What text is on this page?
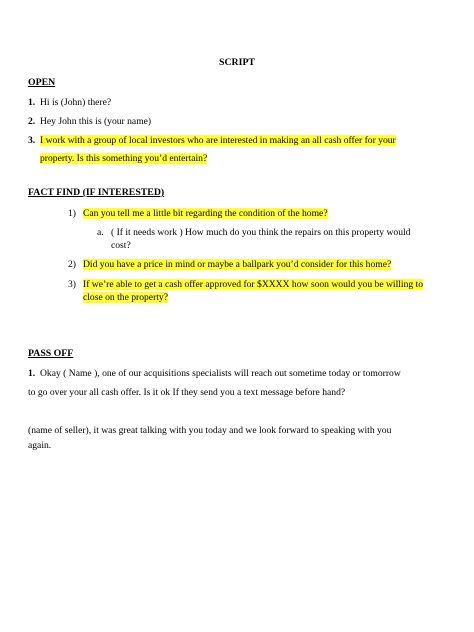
SCRIPT
OPEN
1. Hi is (John) there?
2. Hey John this is (your name)
3. I work with a group of local investors who are interested in making an all cash offer for your
property. Is this something you’d entertain?
FACT FIND (IF INTERESTED)
1) Can you tell me a little bit regarding the condition of the home?
a. ( If it needs work ) How much do you think the repairs on this property would
cost?
2) Did you have a price in mind or maybe a ballpark you’d consider for this home?
3) If we’re able to get a cash offer approved for $XXXX how soon would you be willing to
close on the property?
PASS OFF
1. Okay ( Name ), one of our acquisitions specialists will reach out sometime today or tomorrow
to go over your all cash offer. Is it ok If they send you a text message before hand?
(name of seller), it was great talking with you today and we look forward to speaking with you
again.
